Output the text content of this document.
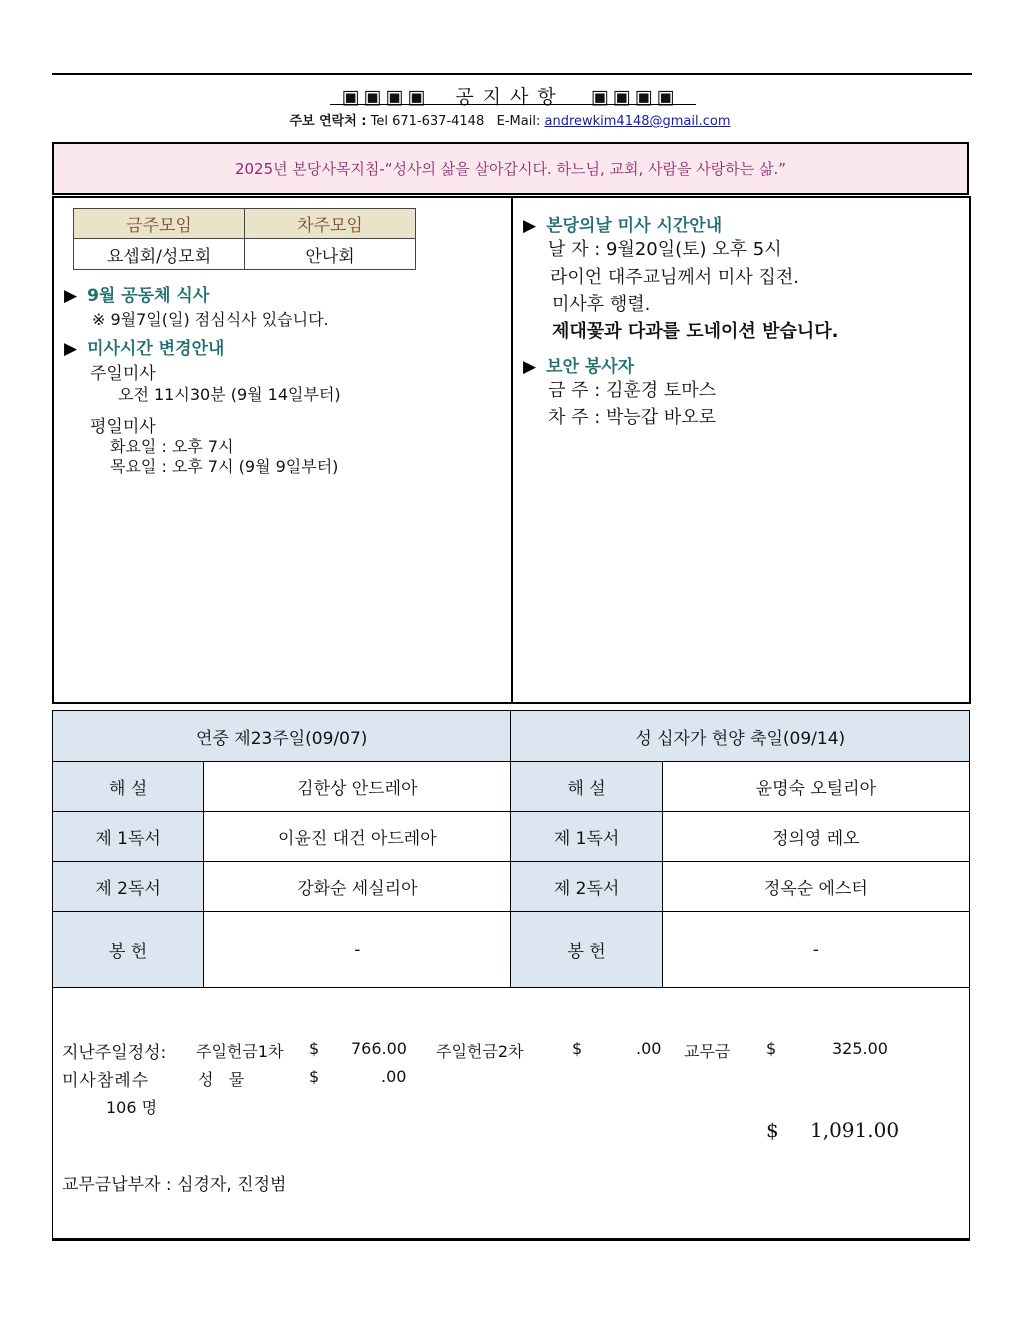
▣▣▣▣ 공지사항 ▣▣▣▣
주보 연락처 : Tel 671-637-4148 E-Mail: andrewkim4148@gmail.com
2025년 본당사목지침-“성사의 삶을 살아갑시다. 하느님, 교회, 사람을 사랑하는 삶.”
금주모임	차주모임
요셉회/성모회	안나회
▶ 9월 공동체 식사
※ 9월7일(일) 점심식사 있습니다.
▶ 미사시간 변경안내
주일미사
오전 11시30분 (9월 14일부터)
평일미사
화요일 : 오후 7시
목요일 : 오후 7시 (9월 9일부터)
▶ 본당의날 미사 시간안내
날 자 : 9월20일(토) 오후 5시
라이언 대주교님께서 미사 집전.
미사후 행렬.
제대꽃과 다과를 도네이션 받습니다.
▶ 보안 봉사자
금 주 : 김훈경 토마스
차 주 : 박능갑 바오로
연중 제23주일(09/07)		성 십자가 현양 축일(09/14)	
해 설	김한상 안드레아	해 설	윤명숙 오틸리아
제 1독서	이윤진 대건 아드레아	제 1독서	정의영 레오
제 2독서	강화순 세실리아	제 2독서	정옥순 에스터
봉 헌	-	봉 헌	-
지난주일정성: 주일헌금1차 $ 766.00 주일헌금2차	$	.00 교무금 $	325.00
미사참례수	성   물	$	.00
106 명
$ 1,091.00
교무금납부자 : 심경자, 진정범
